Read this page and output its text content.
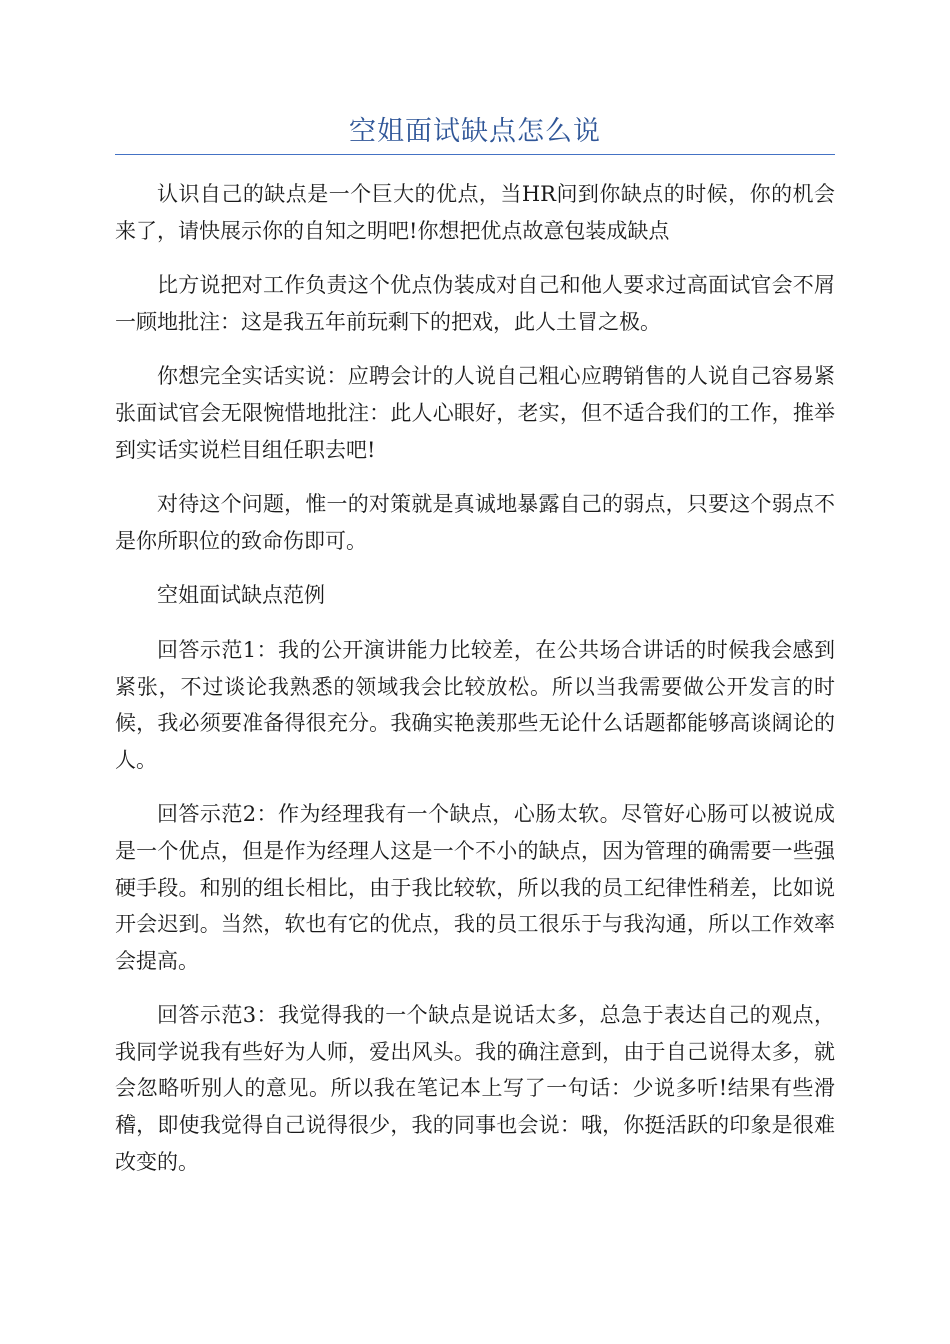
空姐面试缺点怎么说

认识自己的缺点是一个巨大的优点，当HR问到你缺点的时候，你的机会来了，请快展示你的自知之明吧!你想把优点故意包装成缺点

比方说把对工作负责这个优点伪装成对自己和他人要求过高面试官会不屑一顾地批注：这是我五年前玩剩下的把戏，此人土冒之极。

你想完全实话实说：应聘会计的人说自己粗心应聘销售的人说自己容易紧张面试官会无限惋惜地批注：此人心眼好，老实，但不适合我们的工作，推举到实话实说栏目组任职去吧!

对待这个问题，惟一的对策就是真诚地暴露自己的弱点，只要这个弱点不是你所职位的致命伤即可。

空姐面试缺点范例

回答示范1：我的公开演讲能力比较差，在公共场合讲话的时候我会感到紧张，不过谈论我熟悉的领域我会比较放松。所以当我需要做公开发言的时候，我必须要准备得很充分。我确实艳羡那些无论什么话题都能够高谈阔论的人。

回答示范2：作为经理我有一个缺点，心肠太软。尽管好心肠可以被说成是一个优点，但是作为经理人这是一个不小的缺点，因为管理的确需要一些强硬手段。和别的组长相比，由于我比较软，所以我的员工纪律性稍差，比如说开会迟到。当然，软也有它的优点，我的员工很乐于与我沟通，所以工作效率会提高。

回答示范3：我觉得我的一个缺点是说话太多，总急于表达自己的观点，我同学说我有些好为人师，爱出风头。我的确注意到，由于自己说得太多，就会忽略听别人的意见。所以我在笔记本上写了一句话：少说多听!结果有些滑稽，即使我觉得自己说得很少，我的同事也会说：哦，你挺活跃的印象是很难改变的。
